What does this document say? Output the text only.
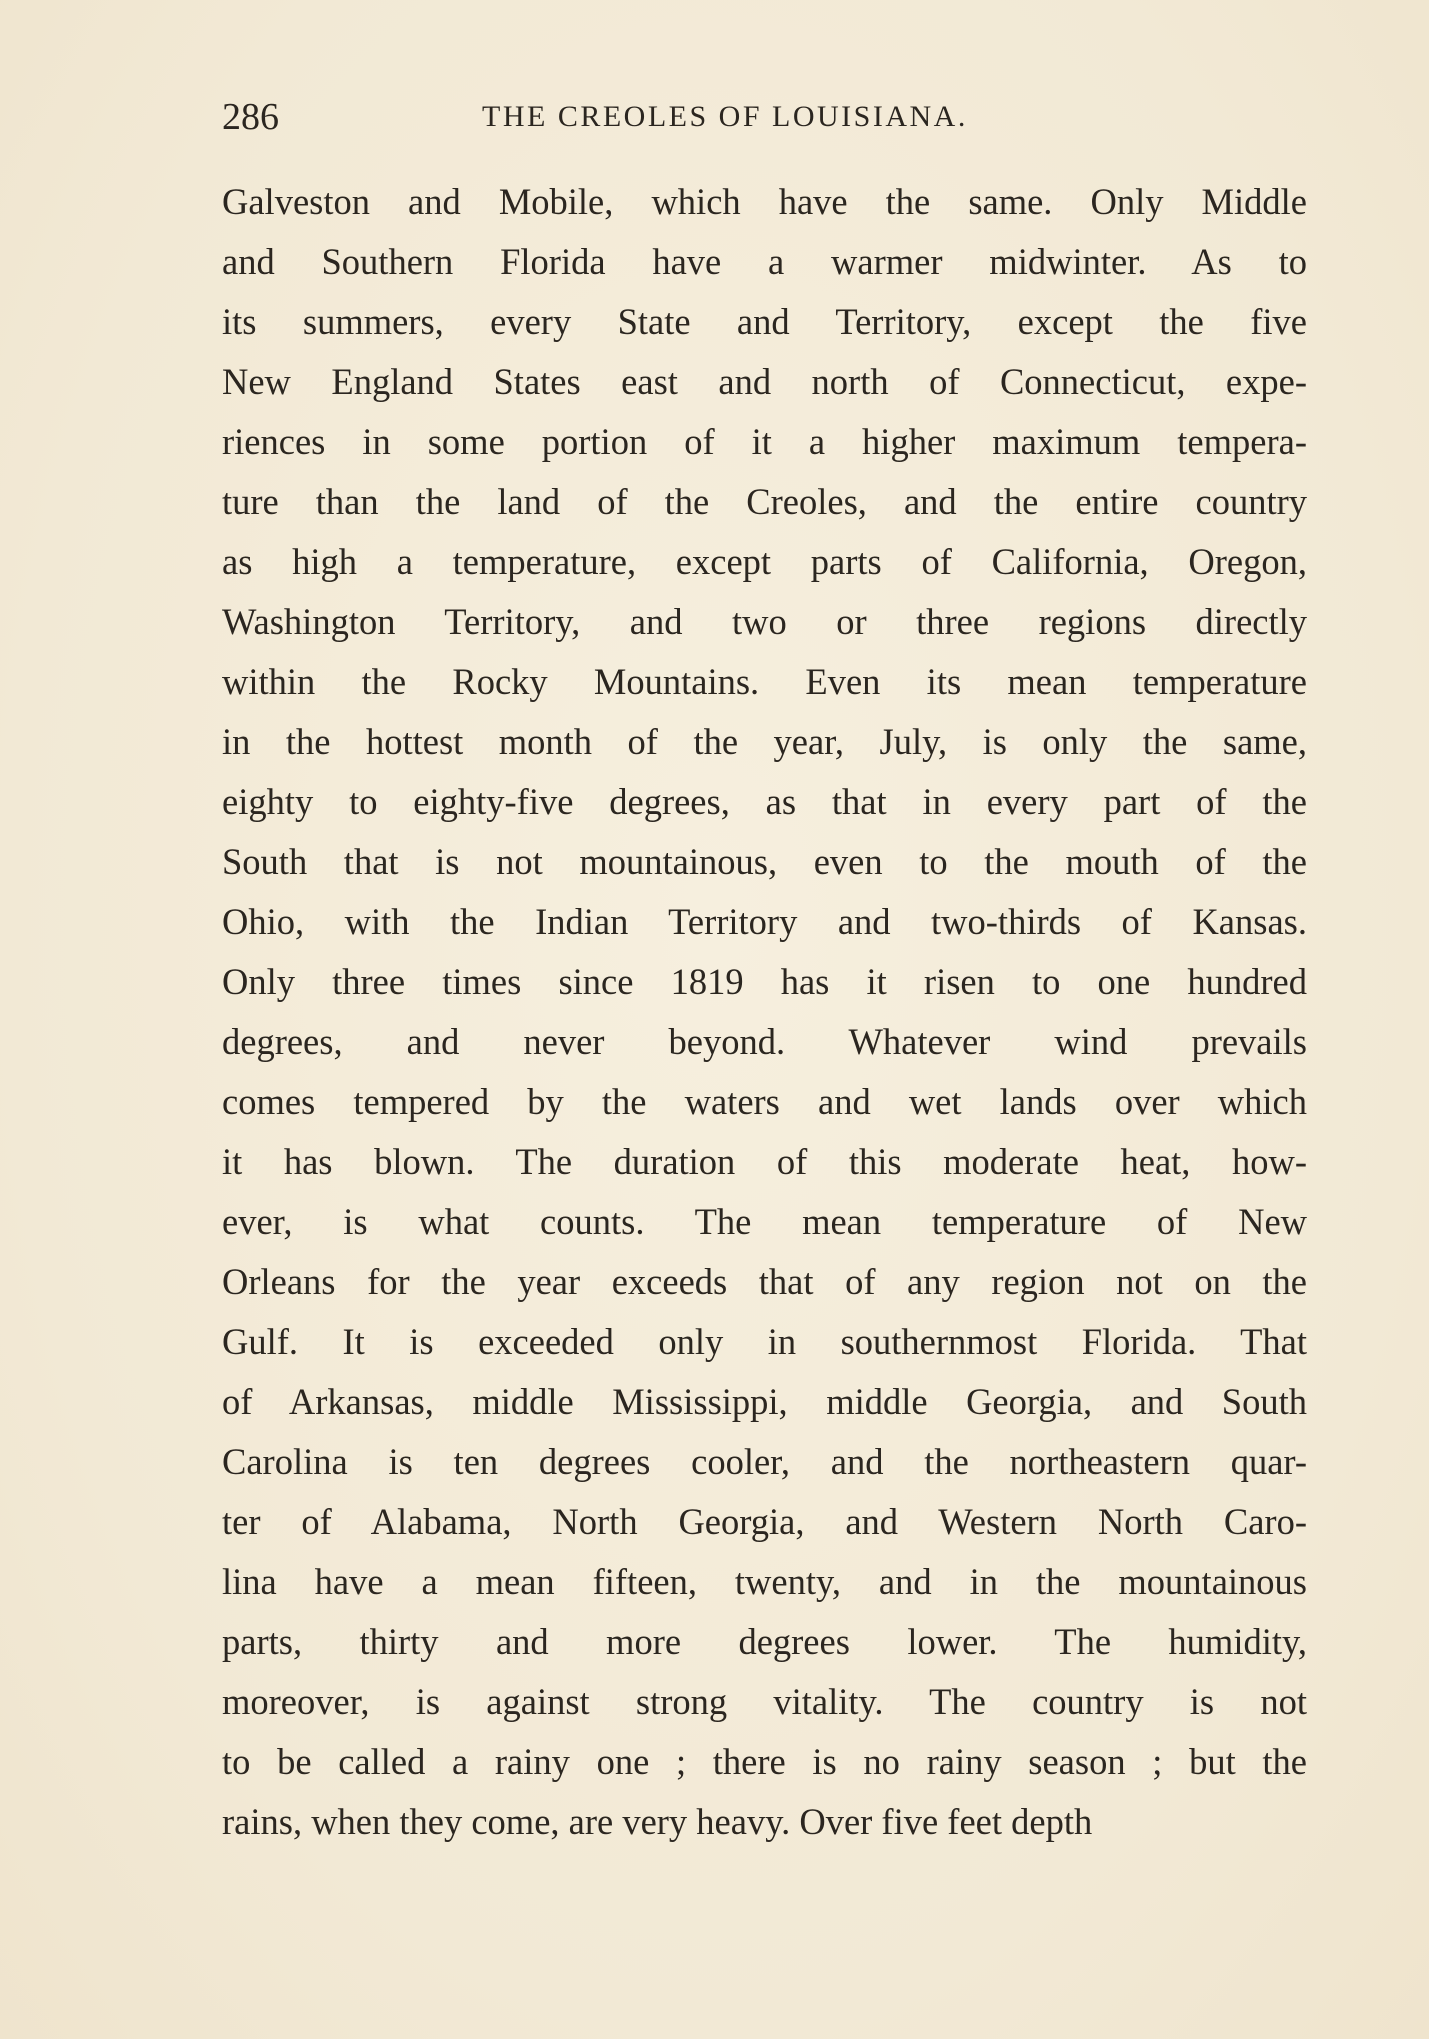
286	THE CREOLES OF LOUISIANA.
Galveston and Mobile, which have the same. Only Middle
and Southern Florida have a warmer midwinter. As to
its summers, every State and Territory, except the five
New England States east and north of Connecticut, expe-
riences in some portion of it a higher maximum tempera-
ture than the land of the Creoles, and the entire country
as high a temperature, except parts of California, Oregon,
Washington Territory, and two or three regions directly
within the Rocky Mountains. Even its mean temperature
in the hottest month of the year, July, is only the same,
eighty to eighty-five degrees, as that in every part of the
South that is not mountainous, even to the mouth of the
Ohio, with the Indian Territory and two-thirds of Kansas.
Only three times since 1819 has it risen to one hundred
degrees, and never beyond. Whatever wind prevails
comes tempered by the waters and wet lands over which
it has blown. The duration of this moderate heat, how-
ever, is what counts. The mean temperature of New
Orleans for the year exceeds that of any region not on the
Gulf. It is exceeded only in southernmost Florida. That
of Arkansas, middle Mississippi, middle Georgia, and South
Carolina is ten degrees cooler, and the northeastern quar-
ter of Alabama, North Georgia, and Western North Caro-
lina have a mean fifteen, twenty, and in the mountainous
parts, thirty and more degrees lower. The humidity,
moreover, is against strong vitality. The country is not
to be called a rainy one ; there is no rainy season ; but the
rains, when they come, are very heavy. Over five feet depth
